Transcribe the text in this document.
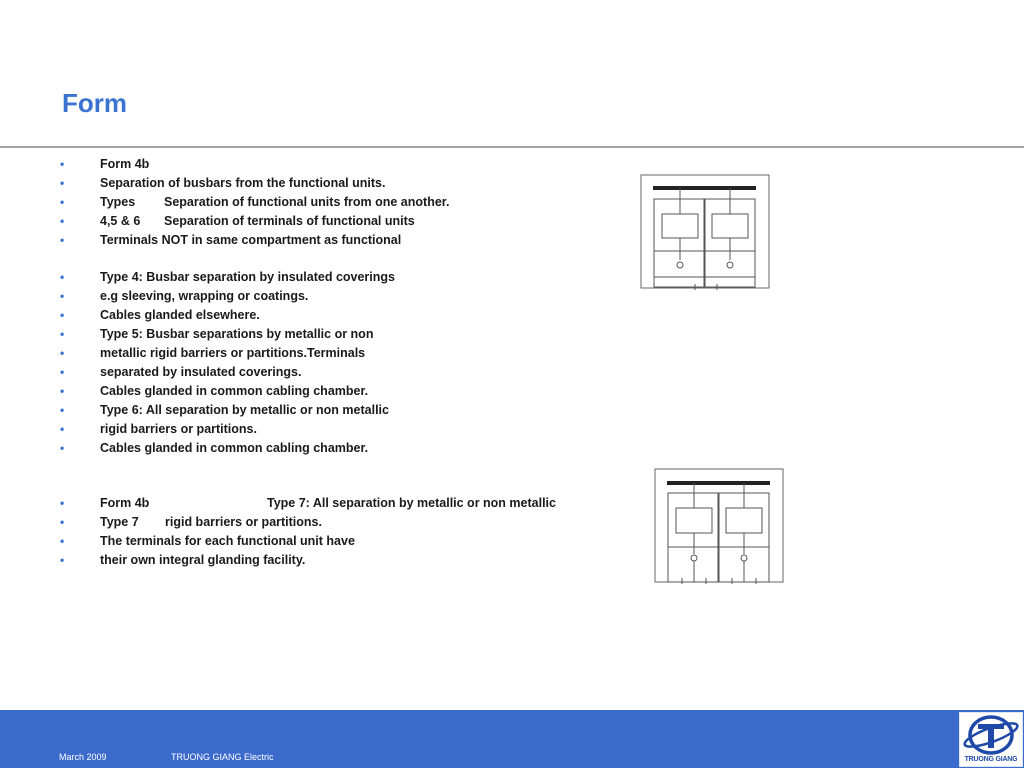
Form
•	Form 4b
•	Separation of busbars from the functional units.
•	Types Separation of functional units from one another.
•	4,5 & 6 Separation of terminals of functional units
•	Terminals NOT in same compartment as functional
•	Type 4: Busbar separation by insulated coverings
•	e.g sleeving, wrapping or coatings.
•	Cables glanded elsewhere.
•	Type 5: Busbar separations by metallic or non
•	metallic rigid barriers or partitions.Terminals
•	separated by insulated coverings.
•	Cables glanded in common cabling chamber.
•	Type 6: All separation by metallic or non metallic
•	rigid barriers or partitions.
•	Cables glanded in common cabling chamber.
•	Form 4b	Type 7: All separation by metallic or non metallic
•	Type 7 rigid barriers or partitions.
•	The terminals for each functional unit have
•	their own integral glanding facility.
March 2009	TRUONG GIANG Electric	TRUONG GIANG
